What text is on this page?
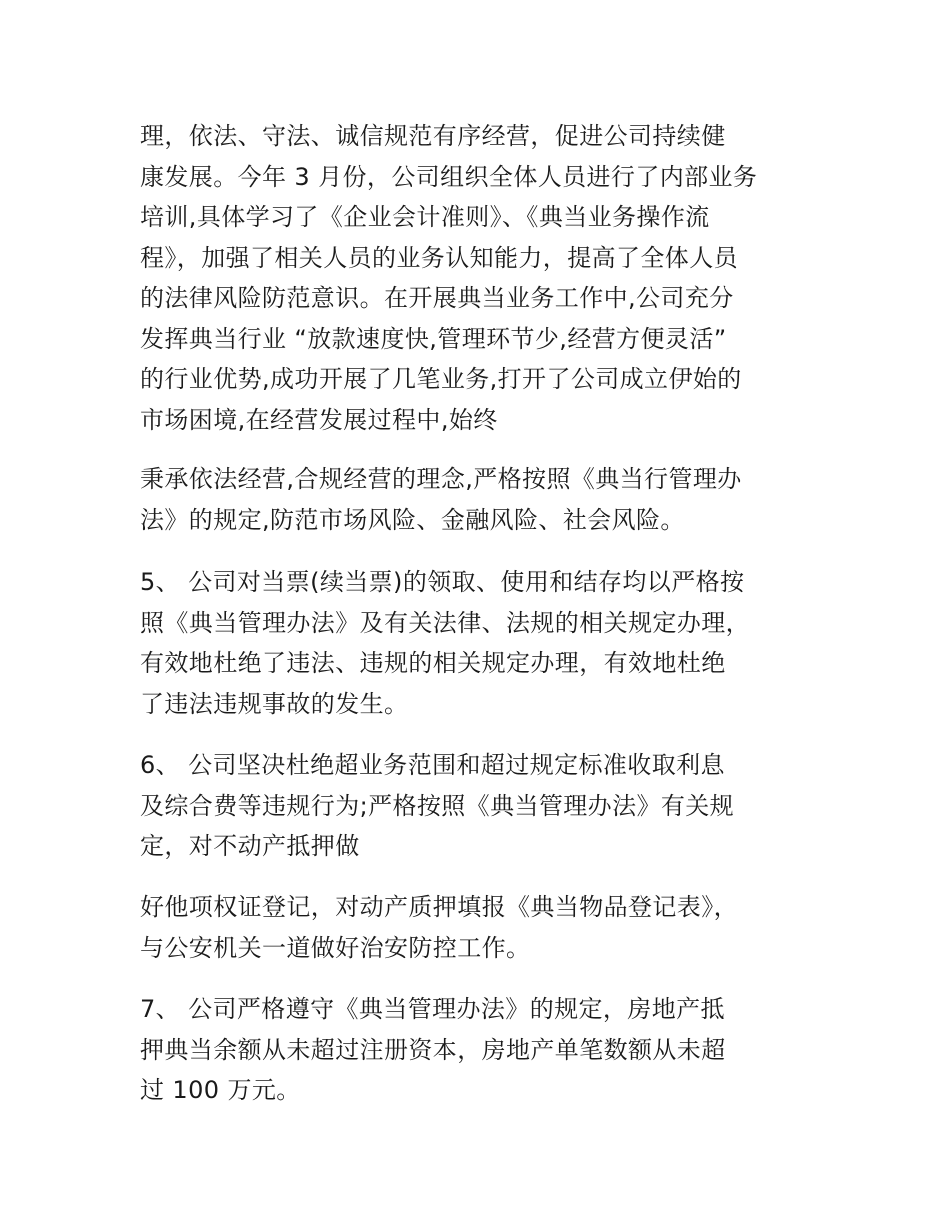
理，依法、守法、诚信规范有序经营，促进公司持续健
康发展。今年 3 月份，公司组织全体人员进行了内部业务
培训,具体学习了《企业会计准则》、《典当业务操作流
程》，加强了相关人员的业务认知能力，提高了全体人员
的法律风险防范意识。在开展典当业务工作中,公司充分
发挥典当行业 “放款速度快,管理环节少,经营方便灵活”
的行业优势,成功开展了几笔业务,打开了公司成立伊始的
市场困境,在经营发展过程中,始终
秉承依法经营,合规经营的理念,严格按照《典当行管理办
法》的规定,防范市场风险、金融风险、社会风险。
5、 公司对当票(续当票)的领取、使用和结存均以严格按
照《典当管理办法》及有关法律、法规的相关规定办理，
有效地杜绝了违法、违规的相关规定办理，有效地杜绝
了违法违规事故的发生。
6、 公司坚决杜绝超业务范围和超过规定标准收取利息
及综合费等违规行为;严格按照《典当管理办法》有关规
定，对不动产抵押做
好他项权证登记，对动产质押填报《典当物品登记表》，
与公安机关一道做好治安防控工作。
7、 公司严格遵守《典当管理办法》的规定，房地产抵
押典当余额从未超过注册资本，房地产单笔数额从未超
过 100 万元。
